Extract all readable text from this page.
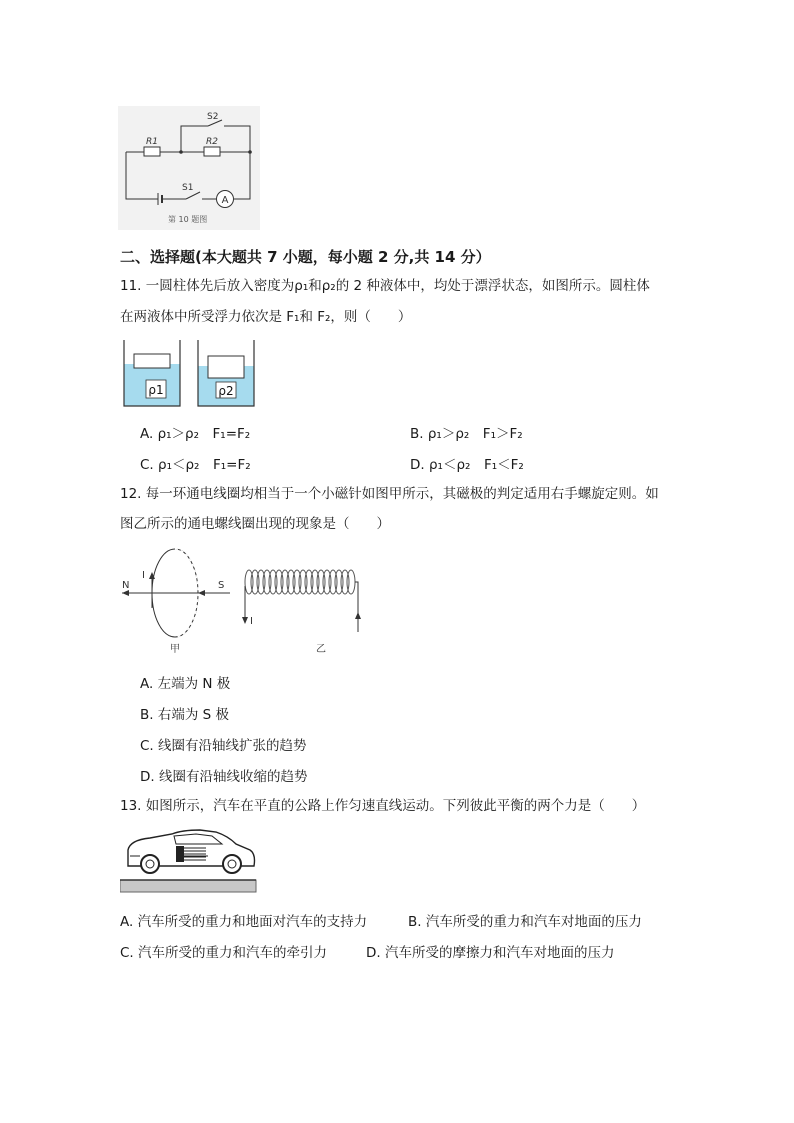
A
R1	R2
S2
S1
第 10 题图
二、选择题(本大题共 7 小题，每小题 2 分,共 14 分）
11. 一圆柱体先后放入密度为ρ₁和ρ₂的 2 种液体中，均处于漂浮状态，如图所示。圆柱体
在两液体中所受浮力依次是 F₁和 F₂，则（　　）
ρ1	ρ2
A. ρ₁＞ρ₂　F₁=F₂	B. ρ₁＞ρ₂　F₁＞F₂
C. ρ₁＜ρ₂　F₁=F₂	D. ρ₁＜ρ₂　F₁＜F₂
12. 每一环通电线圈均相当于一个小磁针如图甲所示，其磁极的判定适用右手螺旋定则。如
图乙所示的通电螺线圈出现的现象是（　　）
N	S
I
甲
I
乙
A. 左端为 N 极
B. 右端为 S 极
C. 线圈有沿轴线扩张的趋势
D. 线圈有沿轴线收缩的趋势
13. 如图所示，汽车在平直的公路上作匀速直线运动。下列彼此平衡的两个力是（　　）
A. 汽车所受的重力和地面对汽车的支持力	B. 汽车所受的重力和汽车对地面的压力
C. 汽车所受的重力和汽车的牵引力	D. 汽车所受的摩擦力和汽车对地面的压力
